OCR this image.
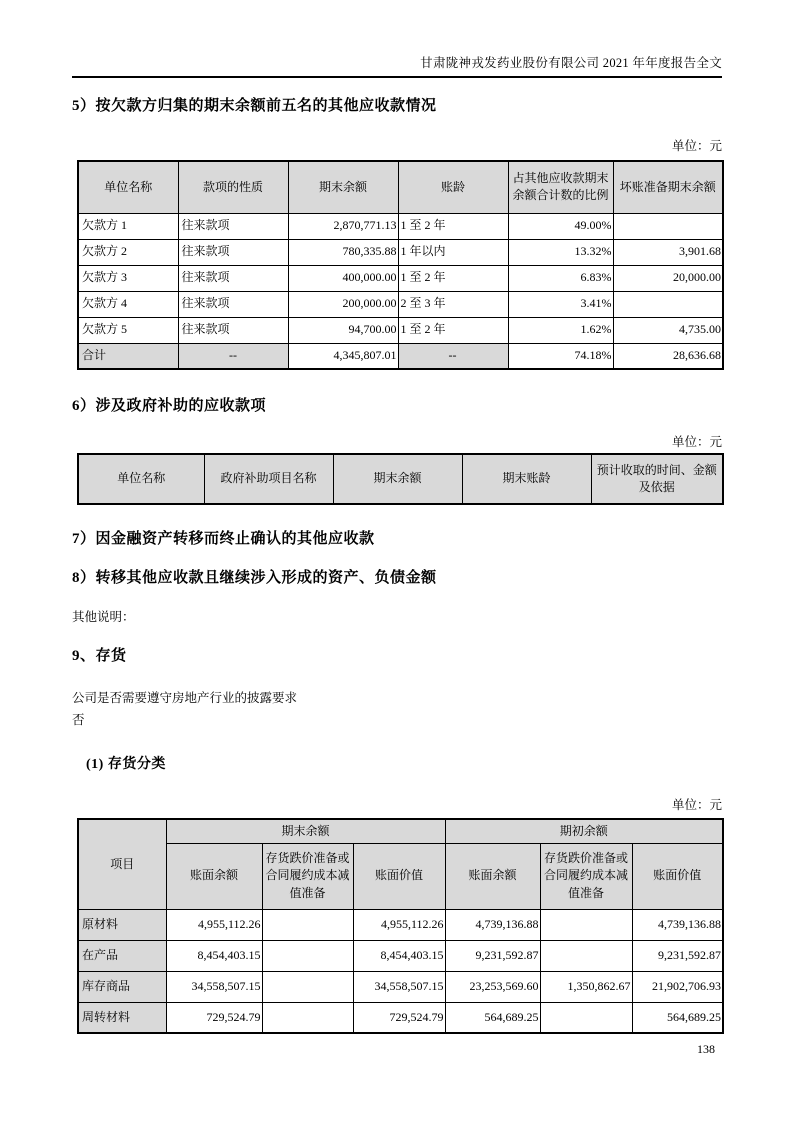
甘肃陇神戎发药业股份有限公司 2021 年年度报告全文
5）按欠款方归集的期末余额前五名的其他应收款情况
单位：元
单位名称	款项的性质	期末余额	账龄	占其他应收款期末余额合计数的比例	坏账准备期末余额
欠款方 1	往来款项	2,870,771.13	1 至 2 年	49.00%	
欠款方 2	往来款项	780,335.88	1 年以内	13.32%	3,901.68
欠款方 3	往来款项	400,000.00	1 至 2 年	6.83%	20,000.00
欠款方 4	往来款项	200,000.00	2 至 3 年	3.41%	
欠款方 5	往来款项	94,700.00	1 至 2 年	1.62%	4,735.00
合计	--	4,345,807.01	--	74.18%	28,636.68
6）涉及政府补助的应收款项
单位：元
单位名称	政府补助项目名称	期末余额	期末账龄	预计收取的时间、金额及依据
7）因金融资产转移而终止确认的其他应收款
8）转移其他应收款且继续涉入形成的资产、负债金额
其他说明：
9、存货
公司是否需要遵守房地产行业的披露要求
否
(1) 存货分类
单位：元
项目	期末余额			期初余额		
	账面余额	存货跌价准备或合同履约成本减值准备	账面价值	账面余额	存货跌价准备或合同履约成本减值准备	账面价值
原材料	4,955,112.26		4,955,112.26	4,739,136.88		4,739,136.88
在产品	8,454,403.15		8,454,403.15	9,231,592.87		9,231,592.87
库存商品	34,558,507.15		34,558,507.15	23,253,569.60	1,350,862.67	21,902,706.93
周转材料	729,524.79		729,524.79	564,689.25		564,689.25
138
